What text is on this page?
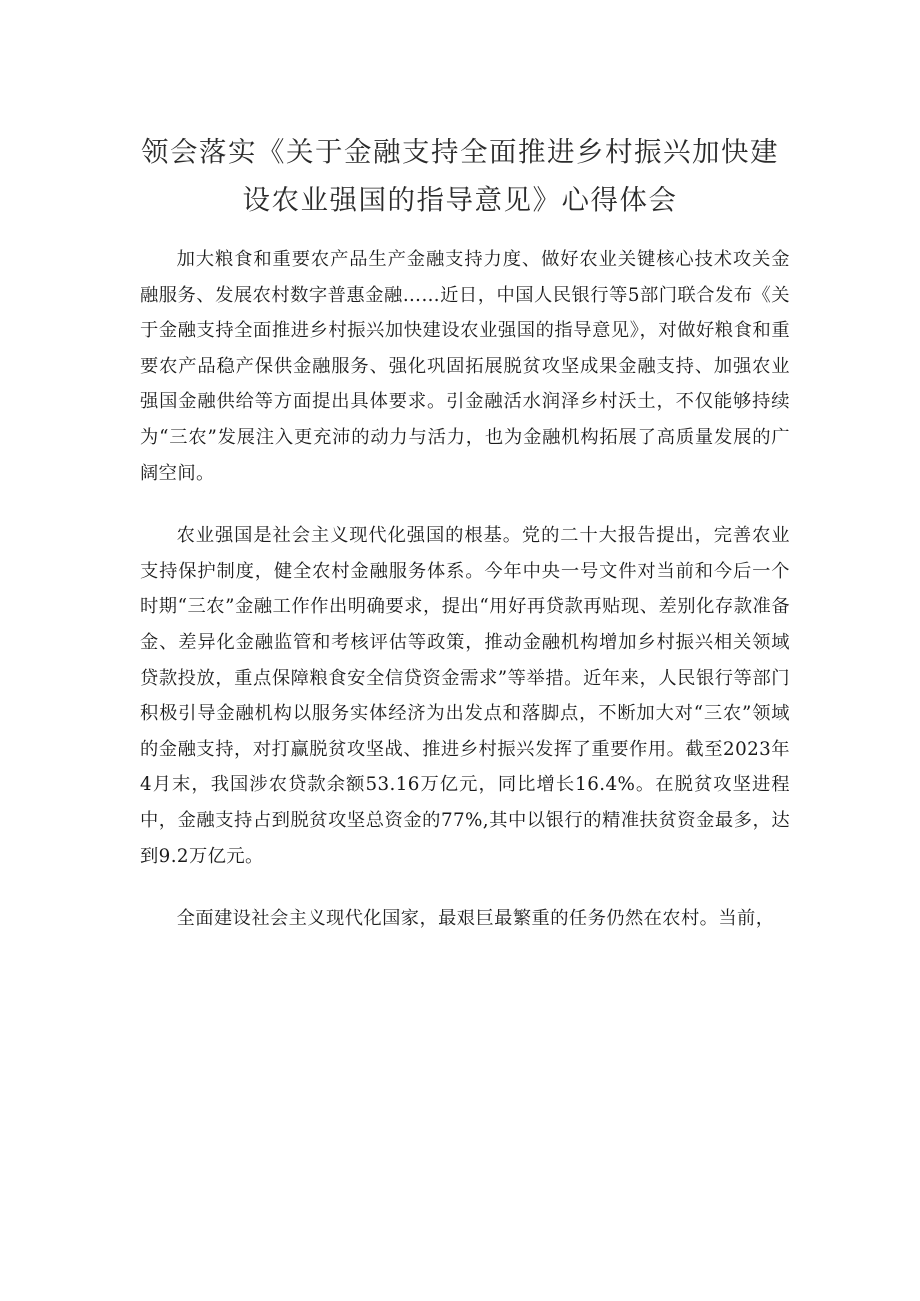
领会落实《关于金融支持全面推进乡村振兴加快建
设农业强国的指导意见》心得体会

加大粮食和重要农产品生产金融支持力度、做好农业关键核心技术攻关金融服务、发展农村数字普惠金融……近日，中国人民银行等5部门联合发布《关于金融支持全面推进乡村振兴加快建设农业强国的指导意见》，对做好粮食和重要农产品稳产保供金融服务、强化巩固拓展脱贫攻坚成果金融支持、加强农业强国金融供给等方面提出具体要求。引金融活水润泽乡村沃土，不仅能够持续为“三农”发展注入更充沛的动力与活力，也为金融机构拓展了高质量发展的广阔空间。

农业强国是社会主义现代化强国的根基。党的二十大报告提出，完善农业支持保护制度，健全农村金融服务体系。今年中央一号文件对当前和今后一个时期“三农”金融工作作出明确要求，提出“用好再贷款再贴现、差别化存款准备金、差异化金融监管和考核评估等政策，推动金融机构增加乡村振兴相关领域贷款投放，重点保障粮食安全信贷资金需求”等举措。近年来，人民银行等部门积极引导金融机构以服务实体经济为出发点和落脚点，不断加大对“三农”领域的金融支持，对打赢脱贫攻坚战、推进乡村振兴发挥了重要作用。截至2023年4月末，我国涉农贷款余额53.16万亿元，同比增长16.4%。在脱贫攻坚进程中，金融支持占到脱贫攻坚总资金的77%,其中以银行的精准扶贫资金最多，达到9.2万亿元。

全面建设社会主义现代化国家，最艰巨最繁重的任务仍然在农村。当前，
